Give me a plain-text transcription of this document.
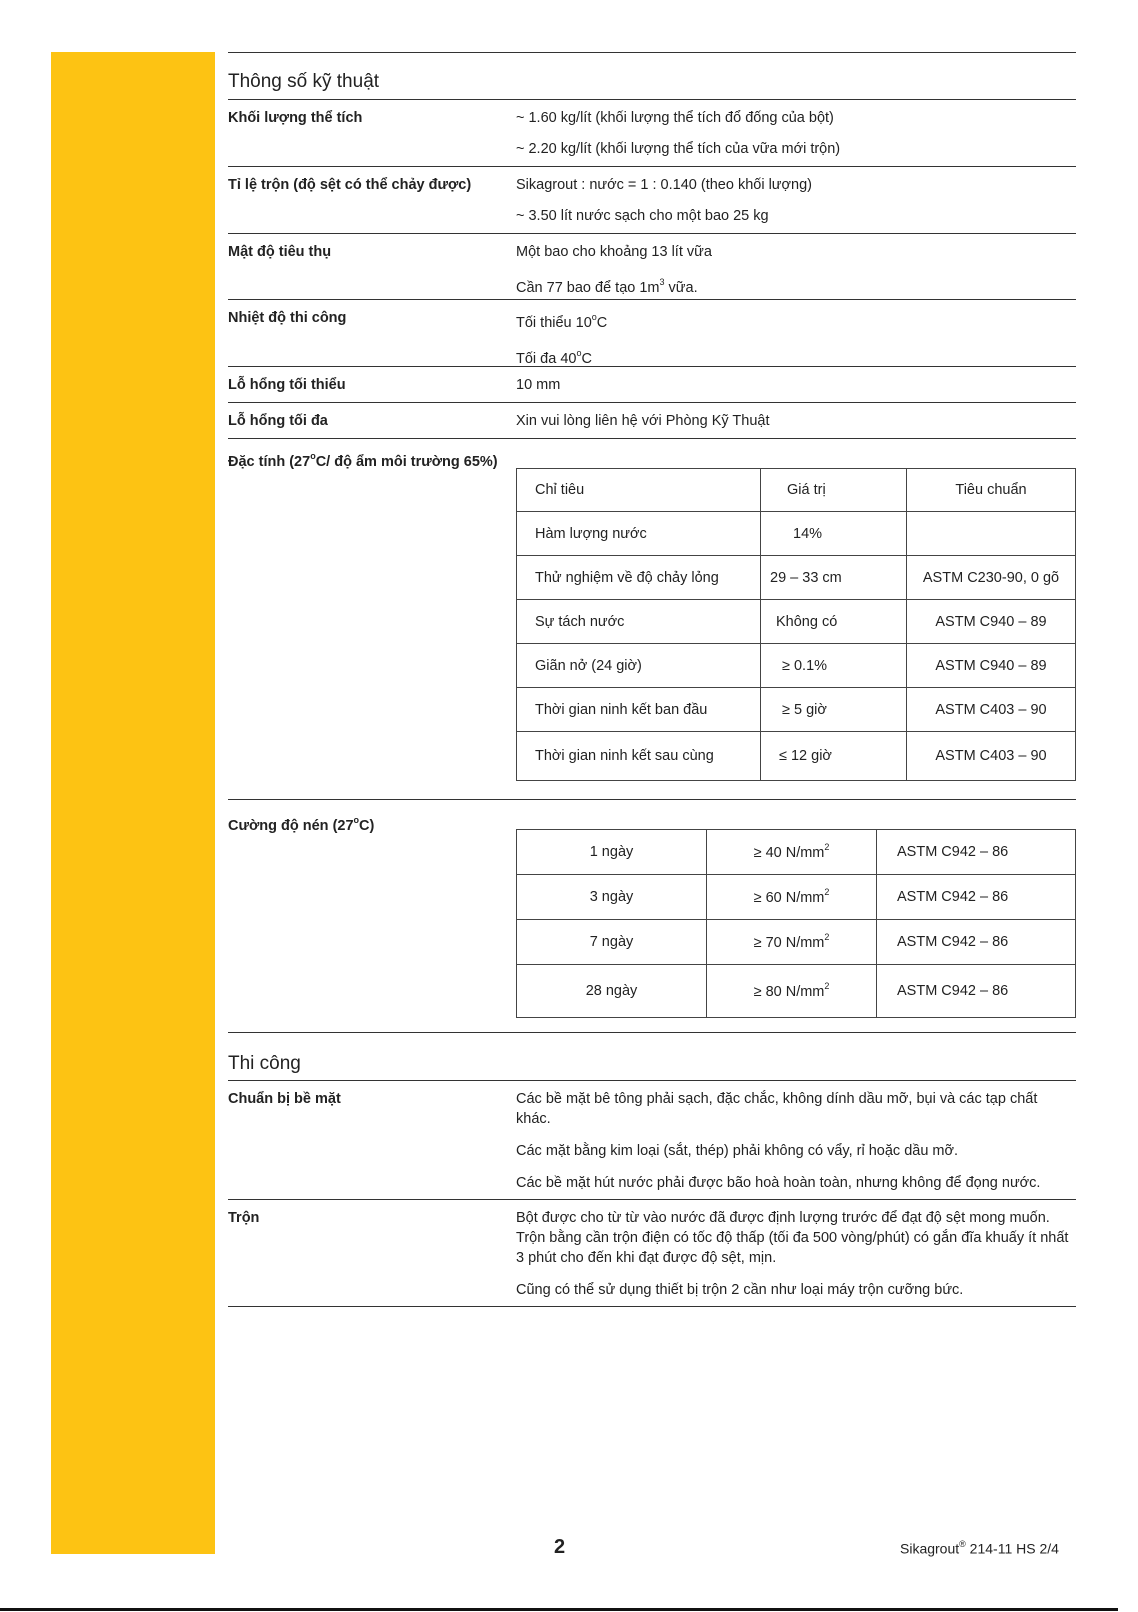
Thông số kỹ thuật
Khối lượng thể tích	~ 1.60 kg/lít (khối lượng thể tích đổ đống của bột)
~ 2.20 kg/lít (khối lượng thể tích của vữa mới trộn)
Tỉ lệ trộn (độ sệt có thể chảy được)	Sikagrout : nước = 1 : 0.140 (theo khối lượng)
~ 3.50 lít nước sạch cho một bao 25 kg
Mật độ tiêu thụ	Một bao cho khoảng 13 lít vữa
Cần 77 bao để tạo $1m^3$ vữa.
Nhiệt độ thi công	Tối thiểu 10$^o$C
Tối đa 40$^o$C
Lỗ hổng tối thiểu	10 mm
Lỗ hổng tối đa	Xin vui lòng liên hệ với Phòng Kỹ Thuật
Đặc tính (27$^o$C/ độ ẩm môi trường 65%)
Chỉ tiêu	Giá trị	Tiêu chuẩn
Hàm lượng nước	14%	
Thử nghiệm về độ chảy lỏng	29 – 33 cm	ASTM C230-90, 0 gõ
Sự tách nước	Không có	ASTM C940 – 89
Giãn nở (24 giờ)	≥ 0.1%	ASTM C940 – 89
Thời gian ninh kết ban đầu	≥ 5 giờ	ASTM C403 – 90
Thời gian ninh kết sau cùng	≤ 12 giờ	ASTM C403 – 90
Cường độ nén (27$^o$C)
1 ngày	≥ 40 $N/mm^2$	ASTM C942 – 86
3 ngày	≥ 60 $N/mm^2$	ASTM C942 – 86
7 ngày	≥ 70 $N/mm^2$	ASTM C942 – 86
28 ngày	≥ 80 $N/mm^2$	ASTM C942 – 86
Thi công
Chuẩn bị bề mặt	Các bề mặt bê tông phải sạch, đặc chắc, không dính dầu mỡ, bụi và các tạp chất khác.
Các mặt bằng kim loại (sắt, thép) phải không có vẩy, rỉ hoặc dầu mỡ.
Các bề mặt hút nước phải được bão hoà hoàn toàn, nhưng không để đọng nước.
Trộn	Bột được cho từ từ vào nước đã được định lượng trước để đạt độ sệt mong muốn. Trộn bằng cần trộn điện có tốc độ thấp (tối đa 500 vòng/phút) có gắn đĩa khuấy ít nhất 3 phút cho đến khi đạt được độ sệt, mịn.
Cũng có thể sử dụng thiết bị trộn 2 cần như loại máy trộn cưỡng bức.
2	Sikagrout® 214-11 HS 2/4
